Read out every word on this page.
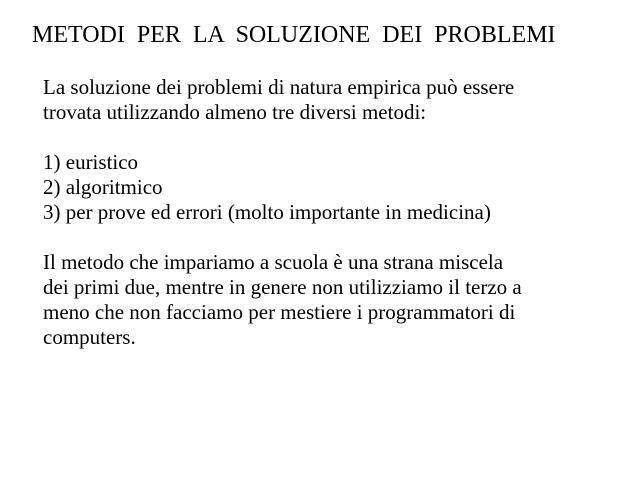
METODI PER LA SOLUZIONE DEI PROBLEMI

La soluzione dei problemi di natura empirica può essere
trovata utilizzando almeno tre diversi metodi:

1) euristico
2) algoritmico
3) per prove ed errori (molto importante in medicina)

Il metodo che impariamo a scuola è una strana miscela
dei primi due, mentre in genere non utilizziamo il terzo a
meno che non facciamo per mestiere i programmatori di
computers.
